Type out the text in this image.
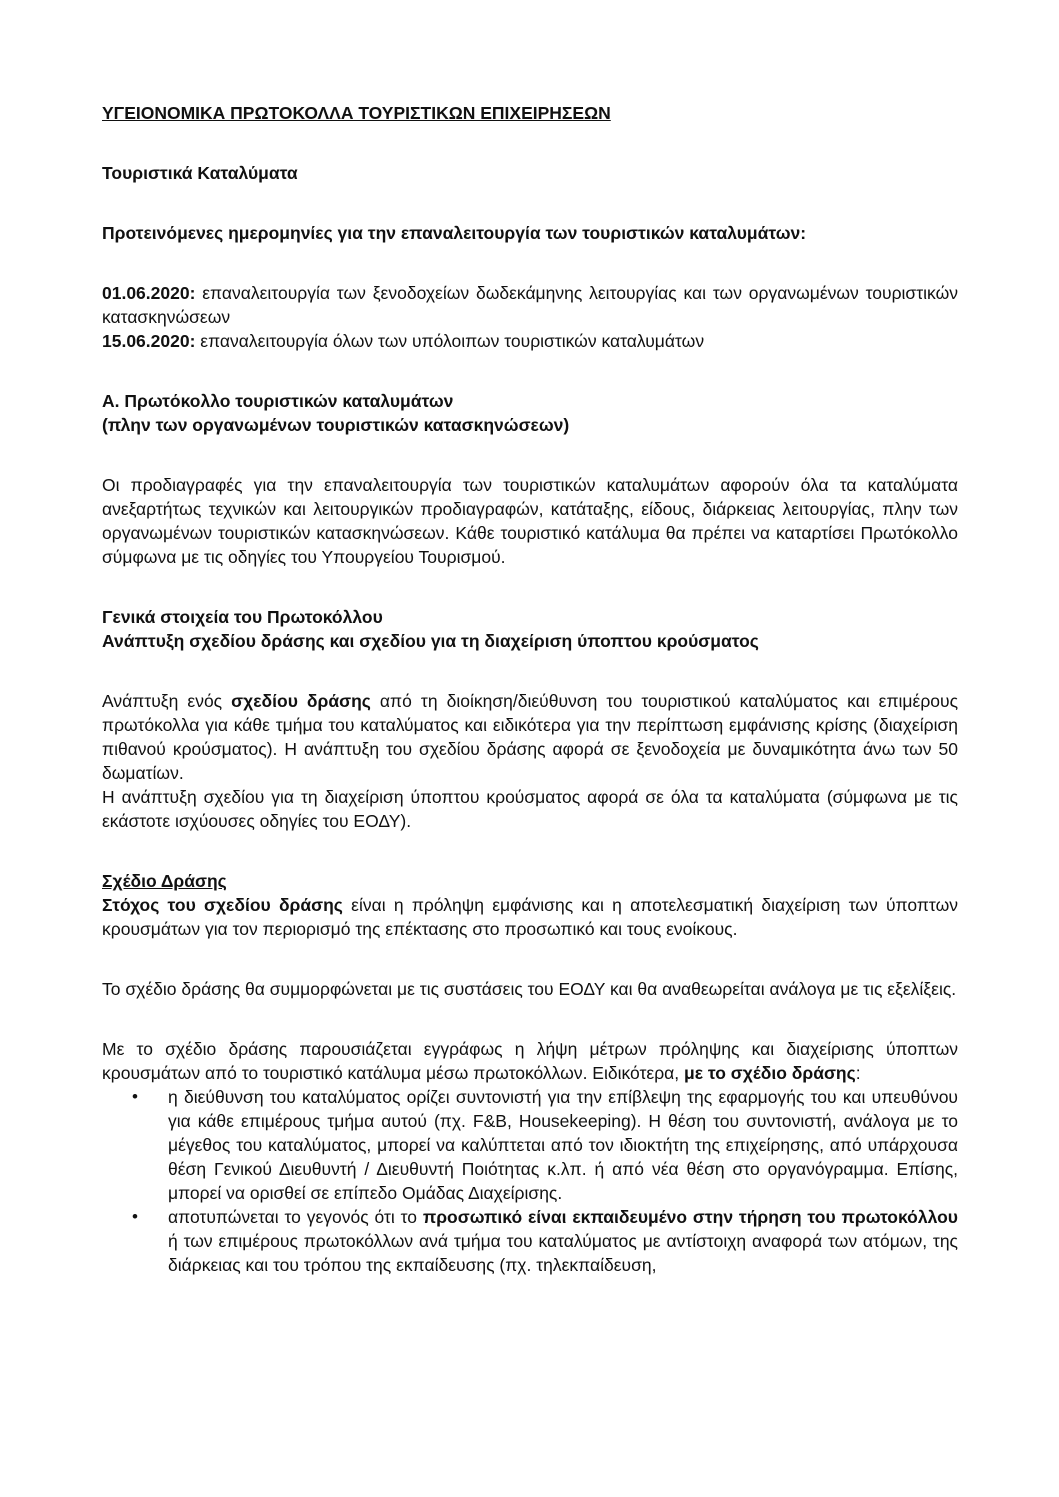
ΥΓΕΙΟΝΟΜΙΚΑ ΠΡΩΤΟΚΟΛΛΑ ΤΟΥΡΙΣΤΙΚΩΝ ΕΠΙΧΕΙΡΗΣΕΩΝ

Τουριστικά Καταλύματα

Προτεινόμενες ημερομηνίες για την επαναλειτουργία των τουριστικών καταλυμάτων:

01.06.2020: επαναλειτουργία των ξενοδοχείων δωδεκάμηνης λειτουργίας και των οργανωμένων τουριστικών κατασκηνώσεων

15.06.2020: επαναλειτουργία όλων των υπόλοιπων τουριστικών καταλυμάτων

Α. Πρωτόκολλο τουριστικών καταλυμάτων

(πλην των οργανωμένων τουριστικών κατασκηνώσεων)

Οι προδιαγραφές για την επαναλειτουργία των τουριστικών καταλυμάτων αφορούν όλα τα καταλύματα ανεξαρτήτως τεχνικών και λειτουργικών προδιαγραφών, κατάταξης, είδους, διάρκειας λειτουργίας, πλην των οργανωμένων τουριστικών κατασκηνώσεων. Κάθε τουριστικό κατάλυμα θα πρέπει να καταρτίσει Πρωτόκολλο σύμφωνα με τις οδηγίες του Υπουργείου Τουρισμού.

Γενικά στοιχεία του Πρωτοκόλλου

Ανάπτυξη σχεδίου δράσης και σχεδίου για τη διαχείριση ύποπτου κρούσματος

Ανάπτυξη ενός σχεδίου δράσης από τη διοίκηση/διεύθυνση του τουριστικού καταλύματος και επιμέρους πρωτόκολλα για κάθε τμήμα του καταλύματος και ειδικότερα για την περίπτωση εμφάνισης κρίσης (διαχείριση πιθανού κρούσματος). Η ανάπτυξη του σχεδίου δράσης αφορά σε ξενοδοχεία με δυναμικότητα άνω των 50 δωματίων.

Η ανάπτυξη σχεδίου για τη διαχείριση ύποπτου κρούσματος αφορά σε όλα τα καταλύματα (σύμφωνα με τις εκάστοτε ισχύουσες οδηγίες του ΕΟΔΥ).

Σχέδιο Δράσης

Στόχος του σχεδίου δράσης είναι η πρόληψη εμφάνισης και η αποτελεσματική διαχείριση των ύποπτων κρουσμάτων για τον περιορισμό της επέκτασης στο προσωπικό και τους ενοίκους.

Το σχέδιο δράσης θα συμμορφώνεται με τις συστάσεις του ΕΟΔΥ και θα αναθεωρείται ανάλογα με τις εξελίξεις.

Με το σχέδιο δράσης παρουσιάζεται εγγράφως η λήψη μέτρων πρόληψης και διαχείρισης ύποπτων κρουσμάτων από το τουριστικό κατάλυμα μέσω πρωτοκόλλων. Ειδικότερα, με το σχέδιο δράσης:

• η διεύθυνση του καταλύματος ορίζει συντονιστή για την επίβλεψη της εφαρμογής του και υπευθύνου για κάθε επιμέρους τμήμα αυτού (πχ. F&B, Housekeeping). Η θέση του συντονιστή, ανάλογα με το μέγεθος του καταλύματος, μπορεί να καλύπτεται από τον ιδιοκτήτη της επιχείρησης, από υπάρχουσα θέση Γενικού Διευθυντή / Διευθυντή Ποιότητας κ.λπ. ή από νέα θέση στο οργανόγραμμα. Επίσης, μπορεί να ορισθεί σε επίπεδο Ομάδας Διαχείρισης.
• αποτυπώνεται το γεγονός ότι το προσωπικό είναι εκπαιδευμένο στην τήρηση του πρωτοκόλλου ή των επιμέρους πρωτοκόλλων ανά τμήμα του καταλύματος με αντίστοιχη αναφορά των ατόμων, της διάρκειας και του τρόπου της εκπαίδευσης (πχ. τηλεκπαίδευση,
